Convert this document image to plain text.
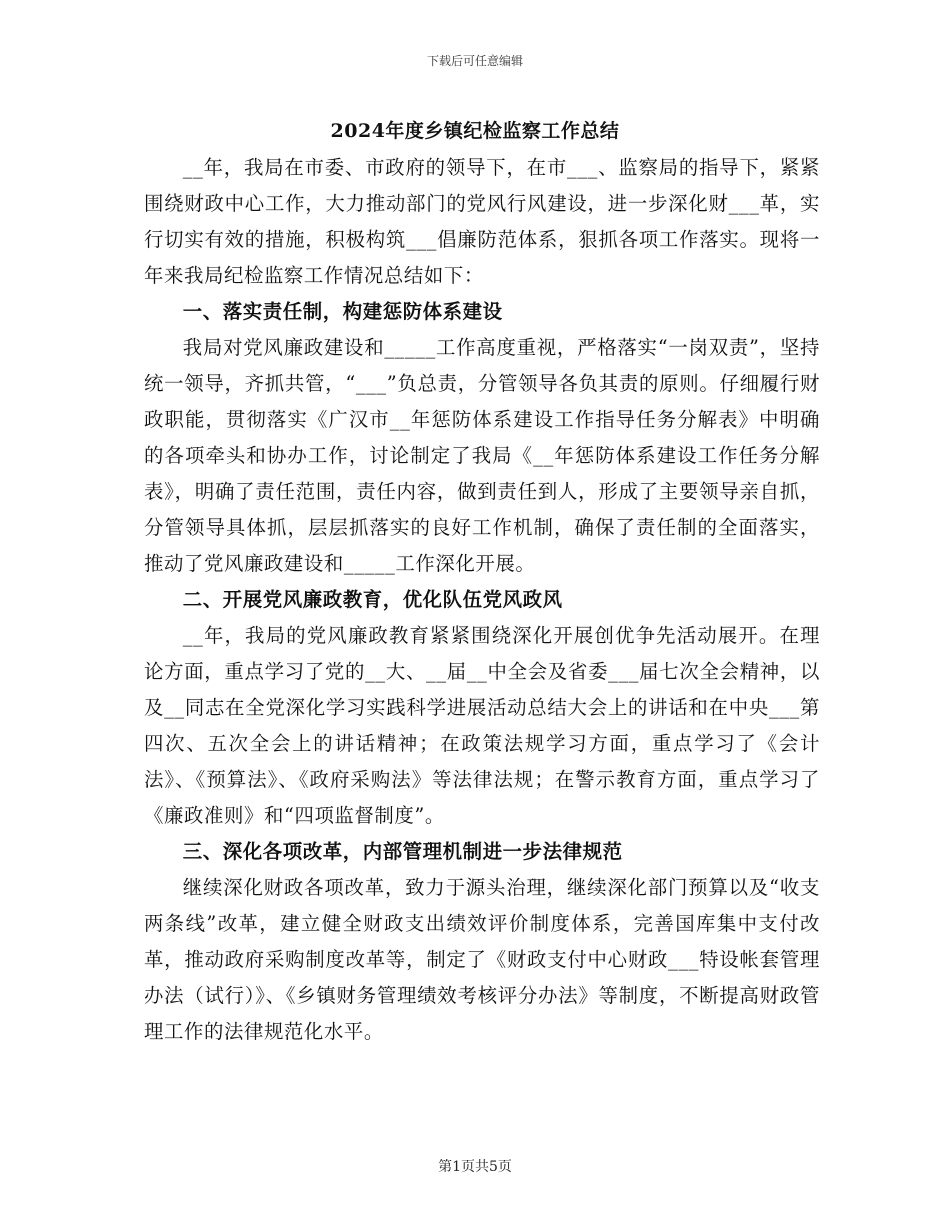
下载后可任意编辑
2024年度乡镇纪检监察工作总结

__年，我局在市委、市政府的领导下，在市___、监察局的指导下，紧紧围绕财政中心工作，大力推动部门的党风行风建设，进一步深化财___革，实行切实有效的措施，积极构筑___倡廉防范体系，狠抓各项工作落实。现将一年来我局纪检监察工作情况总结如下：

一、落实责任制，构建惩防体系建设

我局对党风廉政建设和_____工作高度重视，严格落实“一岗双责”，坚持统一领导，齐抓共管，“___”负总责，分管领导各负其责的原则。仔细履行财政职能，贯彻落实《广汉市__年惩防体系建设工作指导任务分解表》中明确的各项牵头和协办工作，讨论制定了我局《__年惩防体系建设工作任务分解表》，明确了责任范围，责任内容，做到责任到人，形成了主要领导亲自抓，分管领导具体抓，层层抓落实的良好工作机制，确保了责任制的全面落实，推动了党风廉政建设和_____工作深化开展。

二、开展党风廉政教育，优化队伍党风政风

__年，我局的党风廉政教育紧紧围绕深化开展创优争先活动展开。在理论方面，重点学习了党的__大、__届__中全会及省委___届七次全会精神，以及__同志在全党深化学习实践科学进展活动总结大会上的讲话和在中央___第四次、五次全会上的讲话精神；在政策法规学习方面，重点学习了《会计法》、《预算法》、《政府采购法》等法律法规；在警示教育方面，重点学习了《廉政准则》和“四项监督制度”。

三、深化各项改革，内部管理机制进一步法律规范

继续深化财政各项改革，致力于源头治理，继续深化部门预算以及“收支两条线”改革，建立健全财政支出绩效评价制度体系，完善国库集中支付改革，推动政府采购制度改革等，制定了《财政支付中心财政___特设帐套管理办法（试行）》、《乡镇财务管理绩效考核评分办法》等制度，不断提高财政管理工作的法律规范化水平。

第1页共5页
